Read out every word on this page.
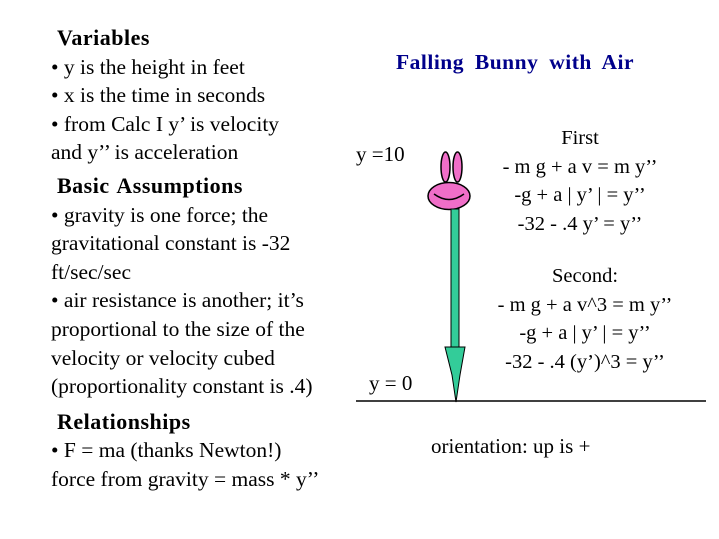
Variables
• y is the height in feet
• x is the time in seconds
• from Calc I y’ is velocity
and y’’ is acceleration
Basic Assumptions
• gravity is one force; the
gravitational constant is -32
ft/sec/sec
• air resistance is another; it’s
proportional to the size of the
velocity or velocity cubed
(proportionality constant is .4)
Relationships
• F = ma (thanks Newton!)
force from gravity = mass * y’’
Falling Bunny with Air
y =10
y = 0
First
- m g + a v = m y’’
-g + a | y’ | = y’’
-32 - .4 y’ = y’’
Second:
- m g + a v^3 = m y’’
-g + a | y’ | = y’’
-32 - .4 (y’)^3 = y’’
orientation: up is +
